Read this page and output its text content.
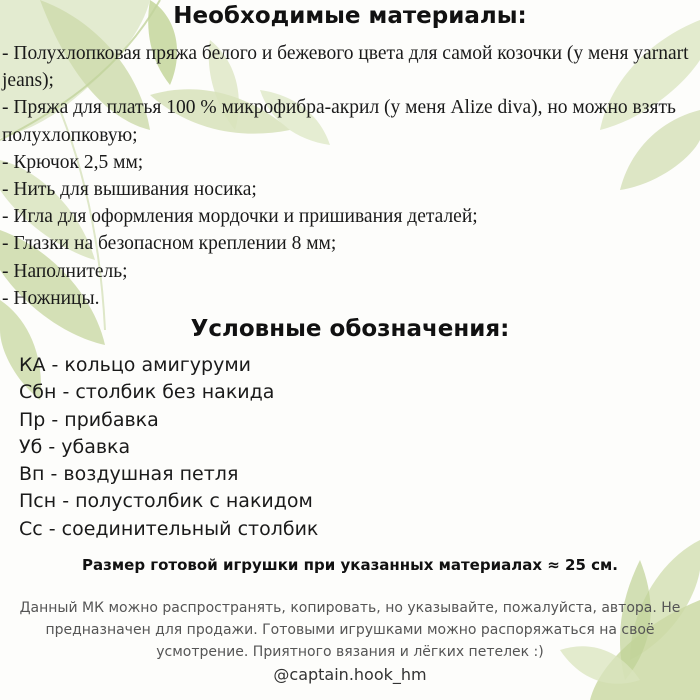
Необходимые материалы:
- Полухлопковая пряжа белого и бежевого цвета для самой козочки (у меня yarnart jeans);
- Пряжа для платья 100 % микрофибра-акрил (у меня Alize diva), но можно взять полухлопковую;
- Крючок 2,5 мм;
- Нить для вышивания носика;
- Игла для оформления мордочки и пришивания деталей;
- Глазки на безопасном креплении 8 мм;
- Наполнитель;
- Ножницы.
Условные обозначения:
КА - кольцо амигуруми
Сбн - столбик без накида
Пр - прибавка
Уб - убавка
Вп - воздушная петля
Псн - полустолбик с накидом
Сс - соединительный столбик
Размер готовой игрушки при указанных материалах ≈ 25 см.

Данный МК можно распространять, копировать, но указывайте, пожалуйста, автора. Не предназначен для продажи. Готовыми игрушками можно распоряжаться на своё усмотрение. Приятного вязания и лёгких петелек :)

@captain.hook_hm
